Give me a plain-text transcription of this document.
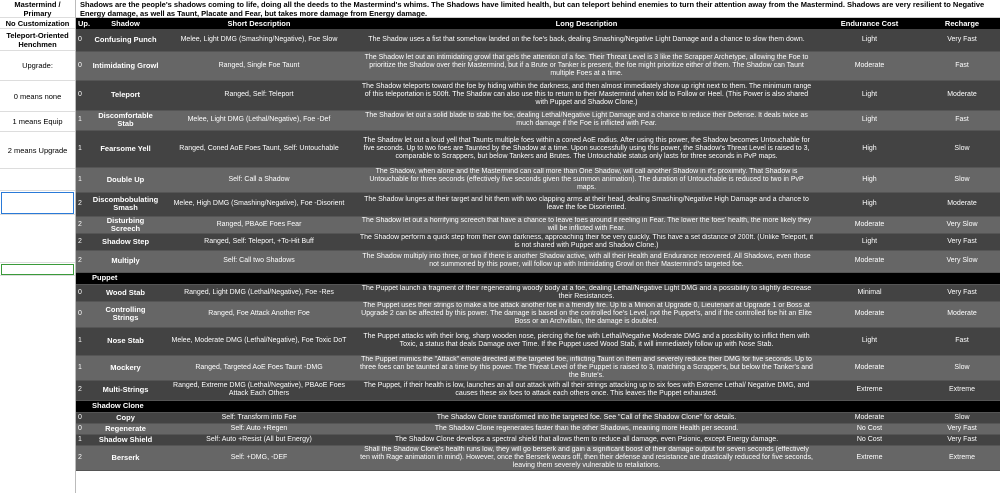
Mastermind / Primary
No Customization
Teleport-Oriented Henchmen
Upgrade:
0 means none
1 means Equip
2 means Upgrade
Shadows are the people's shadows coming to life, doing all the deeds to the Mastermind's whims. The Shadows have limited health, but can teleport behind enemies to turn their attention away from the Mastermind. Shadows are very resilient to Negative Energy damage, as well as Taunt, Placate and Fear, but takes more damage from Energy damage.
Up.	Shadow	Short Description	Long Description	Endurance Cost	Recharge
0	Confusing Punch	Melee, Light DMG (Smashing/Negative), Foe Slow	The Shadow uses a fist that somehow landed on the foe's back, dealing Smashing/Negative Light Damage and a chance to slow them down.	Light	Very Fast
0	Intimidating Growl	Ranged, Single Foe Taunt	The Shadow let out an intimidating growl that gels the attention of a foe. Their Threat Level is 3 like the Scrapper Archetype, allowing the Foe to prioritize the Shadow over their Mastermind, but if a Brute or Tanker is present, the foe might prioritize either of them. The Shadow can Taunt multiple Foes at a time.	Moderate	Fast
0	Teleport	Ranged, Self: Teleport	The Shadow teleports toward the foe by hiding within the darkness, and then almost immediately show up right next to them. The minimum range of this teleportation is 500ft. The Shadow can also use this to return to their Mastermind when told to Follow or Heel. (This Power is also shared with Puppet and Shadow Clone.)	Light	Moderate
1	Discomfortable Stab	Melee, Light DMG (Lethal/Negative), Foe -Def	The Shadow let out a solid blade to stab the foe, dealing Lethal/Negative Light Damage and a chance to reduce their Defense. It deals twice as much damage if the Foe is inflicted with Fear.	Light	Fast
1	Fearsome Yell	Ranged, Coned AoE Foes Taunt, Self: Untouchable	The Shadow let out a loud yell that Taunts multiple foes within a coned AoE radius. After using this power, the Shadow becomes Untouchable for five seconds. Up to two foes are Taunted by the Shadow at a time. Upon successfully using this power, the Shadow's Threat Level is raised to 3, comparable to Scrappers, but below Tankers and Brutes. The Untouchable status only lasts for three seconds in PvP maps.	High	Slow
1	Double Up	Self: Call a Shadow	The Shadow, when alone and the Mastermind can call more than One Shadow, will call another Shadow in it's proximity. That Shadow is Untouchable for three seconds (effectively five seconds given the summon animation). The duration of Untouchable is reduced to two in PvP maps.	High	Slow
2	Discombobulating Smash	Melee, High DMG (Smashing/Negative), Foe -Disorient	The Shadow lunges at their target and hit them with two clapping arms at their head, dealing Smashing/Negative High Damage and a chance to leave the foe Disoriented.	High	Moderate
2	Disturbing Screech	Ranged, PBAoE Foes Fear	The Shadow let out a horrifying screech that have a chance to leave foes around it reeling in Fear. The lower the foes' health, the more likely they will be inflicted with Fear.	Moderate	Very Slow
2	Shadow Step	Ranged, Self: Teleport, +To-Hit Buff	The Shadow perform a quick step from their own darkness, approaching their foe very quickly. This have a set distance of 200ft. (Unlike Teleport, it is not shared with Puppet and Shadow Clone.)	Light	Very Fast
2	Multiply	Self: Call two Shadows	The Shadow multiply into three, or two if there is another Shadow active, with all their Health and Endurance recovered. All Shadows, even those not summoned by this power, will follow up with Intimidating Growl on their Mastermind's targeted foe.	Moderate	Very Slow
	Puppet				
0	Wood Stab	Ranged, Light DMG (Lethal/Negative), Foe -Res	The Puppet launch a fragment of their regenerating woody body at a foe, dealing Lethal/Negative Light DMG and a possibility to slightly decrease their Resistances.	Minimal	Very Fast
0	Controlling Strings	Ranged, Foe Attack Another Foe	The Puppet uses their strings to make a foe attack another foe in a friendly fire. Up to a Minion at Upgrade 0, Lieutenant at Upgrade 1 or Boss at Upgrade 2 can be affected by this power. The damage is based on the controlled foe's Level, not the Puppet's, and if the controlled foe hit an Elite Boss or an Archvillain, the damage is doubled.	Moderate	Moderate
1	Nose Stab	Melee, Moderate DMG (Lethal/Negative), Foe Toxic DoT	The Puppet attacks with their long, sharp wooden nose, piercing the foe with Lethal/Negative Moderate DMG and a possibility to inflict them with Toxic, a status that deals Damage over Time. If the Puppet used Wood Stab, it will immediately follow up with Nose Stab.	Light	Fast
1	Mockery	Ranged, Targeted AoE Foes Taunt -DMG	The Puppet mimics the "Attack" emote directed at the targeted foe, inflicting Taunt on them and severely reduce their DMG for five seconds. Up to three foes can be taunted at a time by this power. The Threat Level of the Puppet is raised to 3, matching a Scrapper's, but below the Tanker's and the Brute's.	Moderate	Slow
2	Multi-Strings	Ranged, Extreme DMG (Lethal/Negative), PBAoE Foes Attack Each Others	The Puppet, if their health is low, launches an all out attack with all their strings attacking up to six foes with Extreme Lethal/ Negative DMG, and causes these six foes to attack each others once. This leaves the Puppet exhausted.	Extreme	Extreme
	Shadow Clone				
0	Copy	Self: Transform into Foe	The Shadow Clone transformed into the targeted foe. See "Call of the Shadow Clone" for details.	Moderate	Slow
0	Regenerate	Self: Auto +Regen	The Shadow Clone regenerates faster than the other Shadows, meaning more Health per second.	No Cost	Very Fast
1	Shadow Shield	Self: Auto +Resist (All but Energy)	The Shadow Clone develops a spectral shield that allows them to reduce all damage, even Psionic, except Energy damage.	No Cost	Very Fast
2	Berserk	Self: +DMG, -DEF	Shall the Shadow Clone's health runs low, they will go berserk and gain a significant boost of their damage output for seven seconds (effectively ten with Rage animation in mind). However, once the Berserk wears off, then their defense and resistance are drastically reduced for five seconds, leaving them severely vulnerable to retaliations.	Extreme	Extreme
